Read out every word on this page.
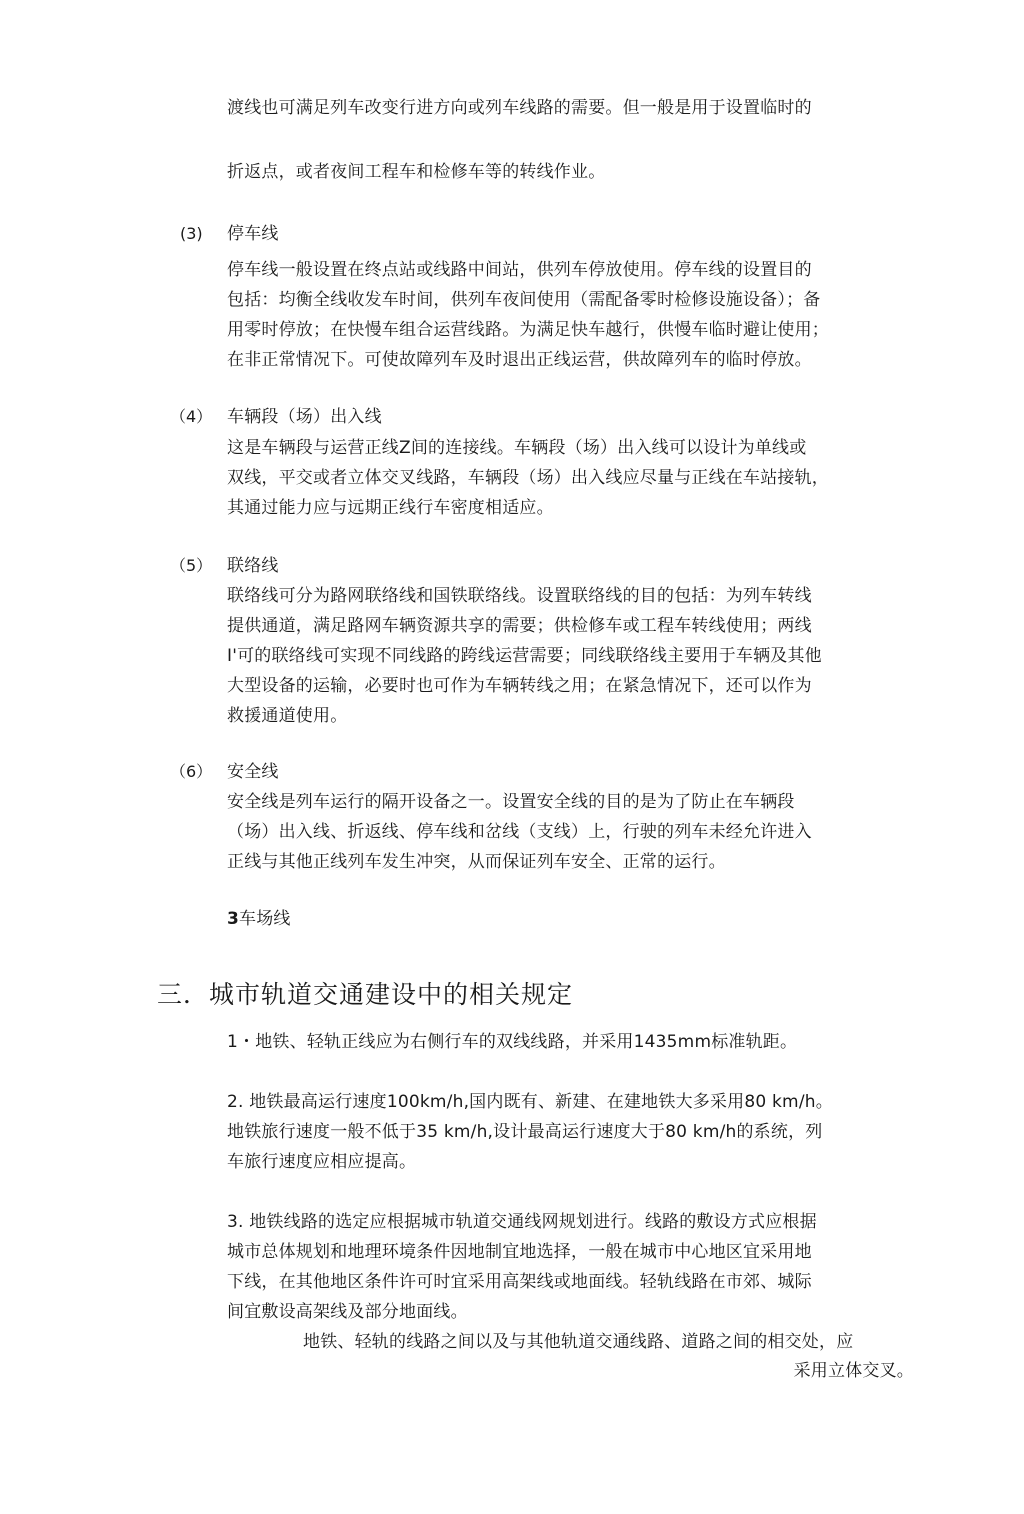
渡线也可满足列车改变行进方向或列车线路的需要。但一般是用于设置临时的
折返点，或者夜间工程车和检修车等的转线作业。
(3) 停车线
停车线一般设置在终点站或线路中间站，供列车停放使用。停车线的设置目的
包括：均衡全线收发车时间，供列车夜间使用（需配备零时检修设施设备）；备
用零时停放；在快慢车组合运营线路。为满足快车越行，供慢车临时避让使用；
在非正常情况下。可使故障列车及时退出正线运营，供故障列车的临时停放。
（4） 车辆段（场）出入线
这是车辆段与运营正线Z间的连接线。车辆段（场）出入线可以设计为单线或
双线，平交或者立体交叉线路，车辆段（场）出入线应尽量与正线在车站接轨，
其通过能力应与远期正线行车密度相适应。
（5） 联络线
联络线可分为路网联络线和国铁联络线。设置联络线的目的包括：为列车转线
提供通道，满足路网车辆资源共享的需要；供检修车或工程车转线使用；两线
I'可的联络线可实现不同线路的跨线运营需要；同线联络线主要用于车辆及其他
大型设备的运输，必要时也可作为车辆转线之用；在紧急情况下，还可以作为
救援通道使用。
（6） 安全线
安全线是列车运行的隔开设备之一。设置安全线的目的是为了防止在车辆段
（场）出入线、折返线、停车线和岔线（支线）上，行驶的列车未经允许进入
正线与其他正线列车发生冲突，从而保证列车安全、正常的运行。
3车场线
三．城市轨道交通建设中的相关规定
1・地铁、轻轨正线应为右侧行车的双线线路，并采用1435mm标准轨距。
2. 地铁最高运行速度100km/h,国内既有、新建、在建地铁大多采用80 km/h。
地铁旅行速度一般不低于35 km/h,设计最高运行速度大于80 km/h的系统，列
车旅行速度应相应提高。
3. 地铁线路的选定应根据城市轨道交通线网规划进行。线路的敷设方式应根据
城市总体规划和地理环境条件因地制宜地选择，一般在城市中心地区宜采用地
下线，在其他地区条件许可时宜采用高架线或地面线。轻轨线路在市郊、城际
间宜敷设高架线及部分地面线。
地铁、轻轨的线路之间以及与其他轨道交通线路、道路之间的相交处，应
采用立体交叉。
